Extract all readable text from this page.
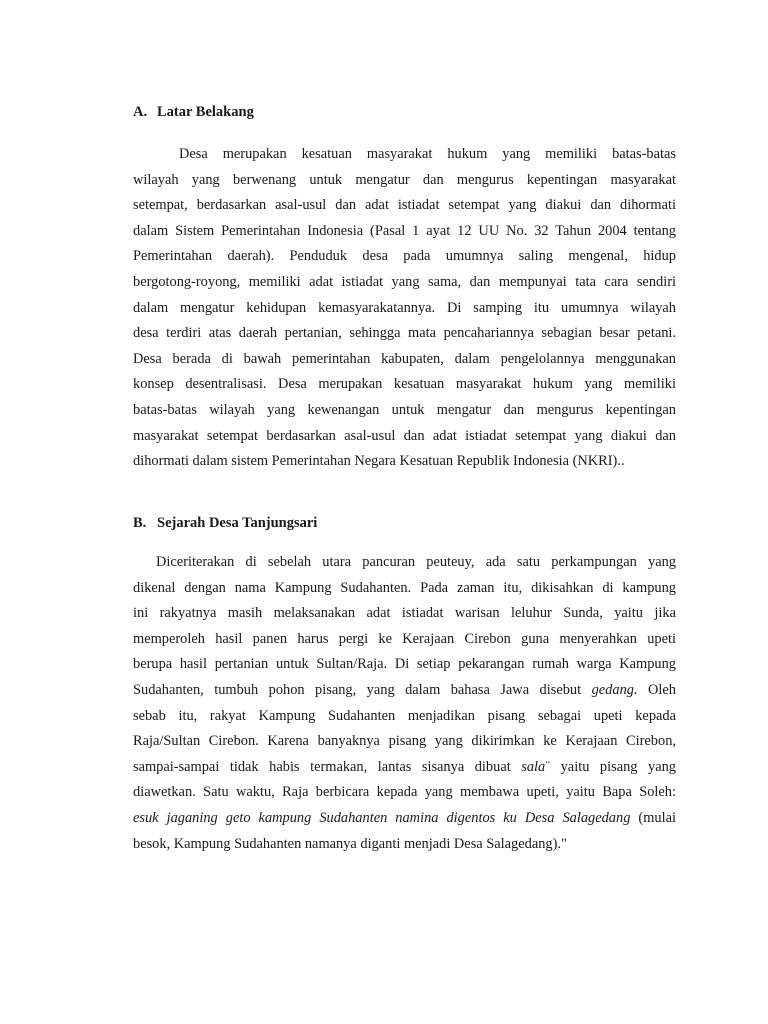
A. Latar Belakang

Desa merupakan kesatuan masyarakat hukum yang memiliki batas-batas
wilayah yang berwenang untuk mengatur dan mengurus kepentingan masyarakat
setempat, berdasarkan asal-usul dan adat istiadat setempat yang diakui dan dihormati
dalam Sistem Pemerintahan Indonesia (Pasal 1 ayat 12 UU No. 32 Tahun 2004 tentang
Pemerintahan daerah). Penduduk desa pada umumnya saling mengenal, hidup
bergotong-royong, memiliki adat istiadat yang sama, dan mempunyai tata cara sendiri
dalam mengatur kehidupan kemasyarakatannya. Di samping itu umumnya wilayah
desa terdiri atas daerah pertanian, sehingga mata pencahariannya sebagian besar petani.
Desa berada di bawah pemerintahan kabupaten, dalam pengelolannya menggunakan
konsep desentralisasi. Desa merupakan kesatuan masyarakat hukum yang memiliki
batas-batas wilayah yang kewenangan untuk mengatur dan mengurus kepentingan
masyarakat setempat berdasarkan asal-usul dan adat istiadat setempat yang diakui dan
dihormati dalam sistem Pemerintahan Negara Kesatuan Republik Indonesia (NKRI)..

B. Sejarah Desa Tanjungsari

Diceriterakan di sebelah utara pancuran peuteuy, ada satu perkampungan yang
dikenal dengan nama Kampung Sudahanten. Pada zaman itu, dikisahkan di kampung
ini rakyatnya masih melaksanakan adat istiadat warisan leluhur Sunda, yaitu jika
memperoleh hasil panen harus pergi ke Kerajaan Cirebon guna menyerahkan upeti
berupa hasil pertanian untuk Sultan/Raja. Di setiap pekarangan rumah warga Kampung
Sudahanten, tumbuh pohon pisang, yang dalam bahasa Jawa disebut gedang. Oleh
sebab itu, rakyat Kampung Sudahanten menjadikan pisang sebagai upeti kepada
Raja/Sultan Cirebon. Karena banyaknya pisang yang dikirimkan ke Kerajaan Cirebon,
sampai-sampai tidak habis termakan, lantas sisanya dibuat sala¨ yaitu pisang yang
diawetkan. Satu waktu, Raja berbicara kepada yang membawa upeti, yaitu Bapa Soleh:
esuk jaganing geto kampung Sudahanten namina digentos ku Desa Salagedang (mulai
besok, Kampung Sudahanten namanya diganti menjadi Desa Salagedang)."
